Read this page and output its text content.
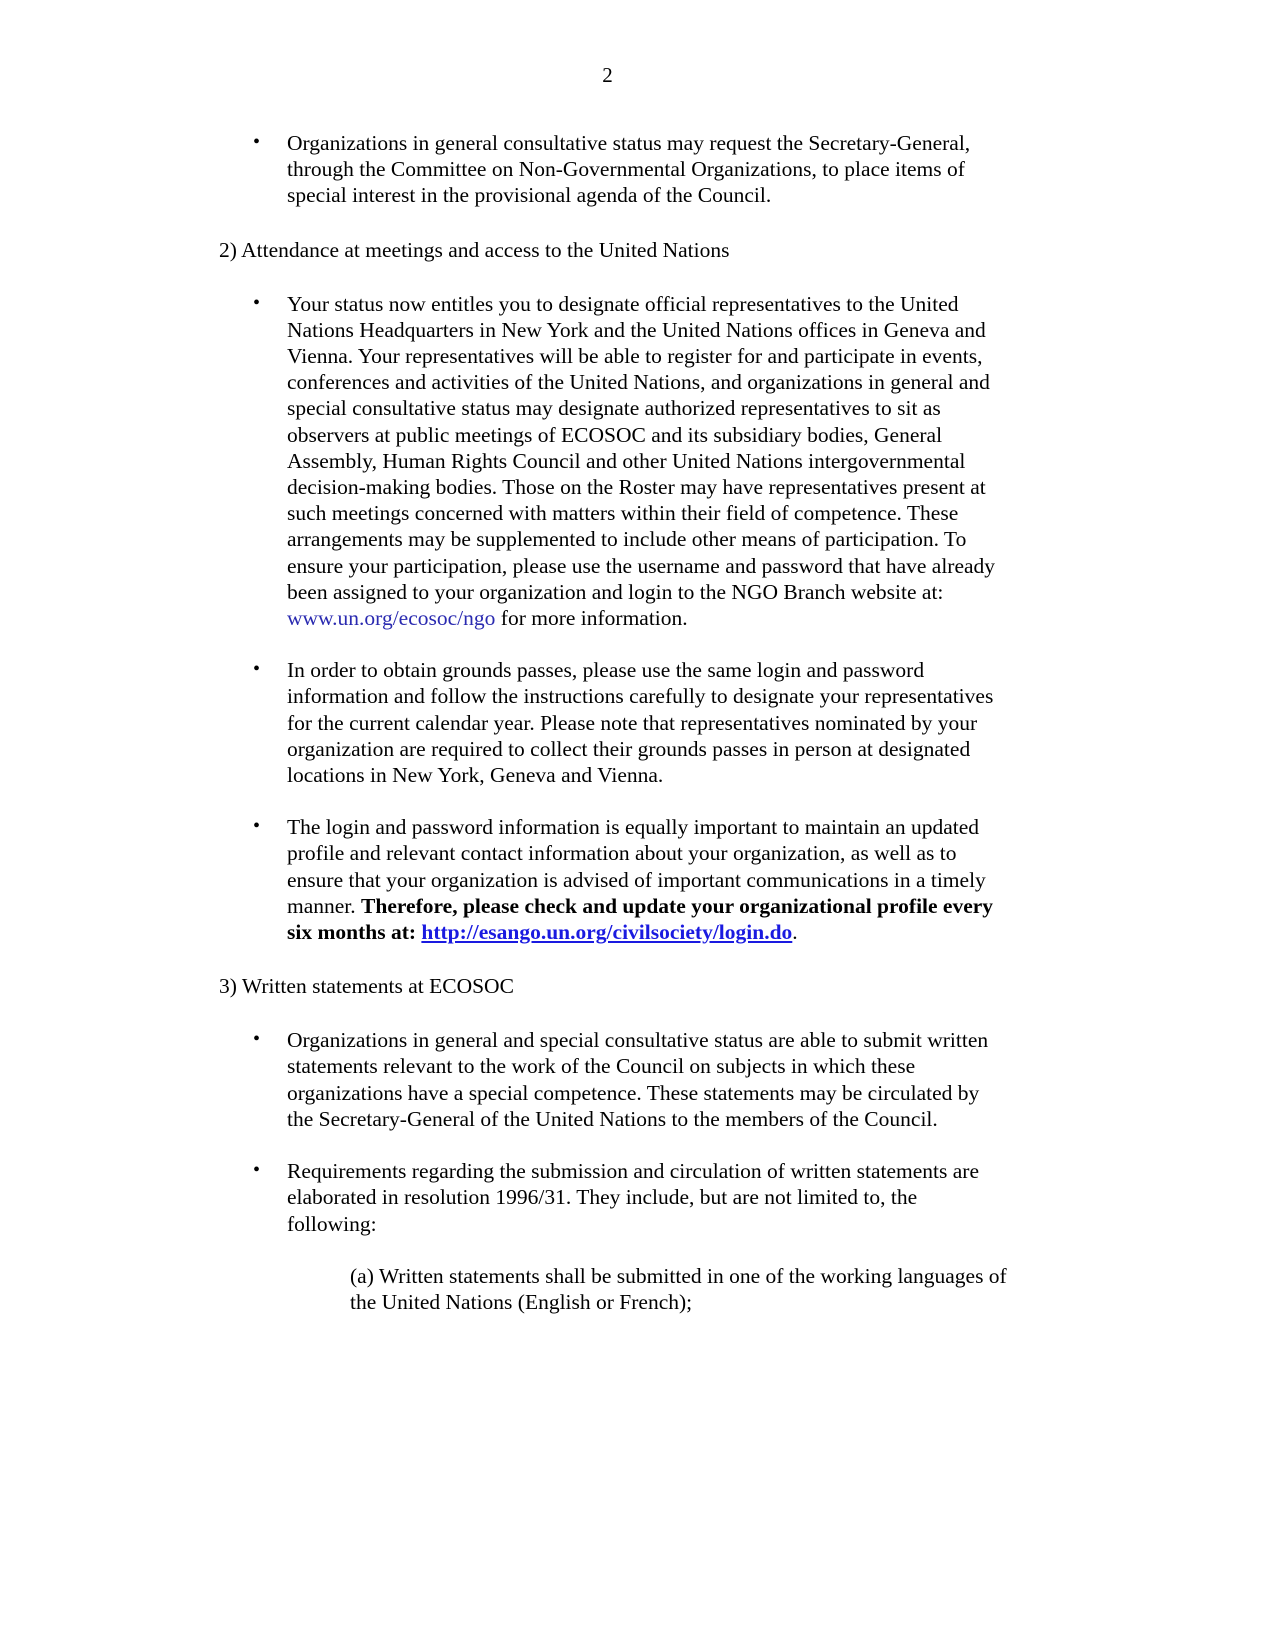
2
• Organizations in general consultative status may request the Secretary-General, through the Committee on Non-Governmental Organizations, to place items of special interest in the provisional agenda of the Council.
2) Attendance at meetings and access to the United Nations
• Your status now entitles you to designate official representatives to the United Nations Headquarters in New York and the United Nations offices in Geneva and Vienna. Your representatives will be able to register for and participate in events, conferences and activities of the United Nations, and organizations in general and special consultative status may designate authorized representatives to sit as observers at public meetings of ECOSOC and its subsidiary bodies, General Assembly, Human Rights Council and other United Nations intergovernmental decision-making bodies. Those on the Roster may have representatives present at such meetings concerned with matters within their field of competence. These arrangements may be supplemented to include other means of participation. To ensure your participation, please use the username and password that have already been assigned to your organization and login to the NGO Branch website at: www.un.org/ecosoc/ngo for more information.
• In order to obtain grounds passes, please use the same login and password information and follow the instructions carefully to designate your representatives for the current calendar year. Please note that representatives nominated by your organization are required to collect their grounds passes in person at designated locations in New York, Geneva and Vienna.
• The login and password information is equally important to maintain an updated profile and relevant contact information about your organization, as well as to ensure that your organization is advised of important communications in a timely manner. Therefore, please check and update your organizational profile every six months at: http://esango.un.org/civilsociety/login.do.
3) Written statements at ECOSOC
• Organizations in general and special consultative status are able to submit written statements relevant to the work of the Council on subjects in which these organizations have a special competence. These statements may be circulated by the Secretary-General of the United Nations to the members of the Council.
• Requirements regarding the submission and circulation of written statements are elaborated in resolution 1996/31. They include, but are not limited to, the following:
(a) Written statements shall be submitted in one of the working languages of the United Nations (English or French);
